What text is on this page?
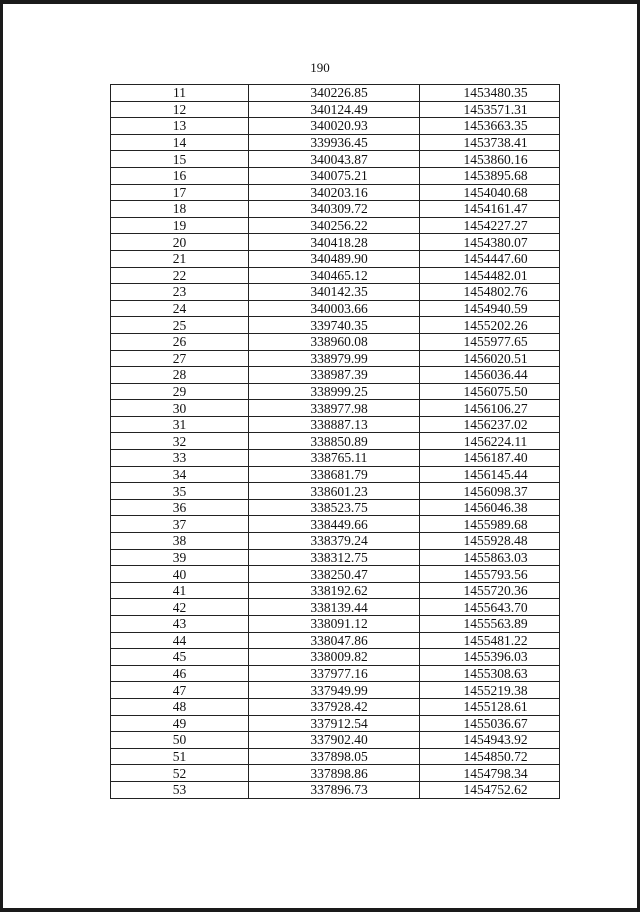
190
11	340226.85	1453480.35
12	340124.49	1453571.31
13	340020.93	1453663.35
14	339936.45	1453738.41
15	340043.87	1453860.16
16	340075.21	1453895.68
17	340203.16	1454040.68
18	340309.72	1454161.47
19	340256.22	1454227.27
20	340418.28	1454380.07
21	340489.90	1454447.60
22	340465.12	1454482.01
23	340142.35	1454802.76
24	340003.66	1454940.59
25	339740.35	1455202.26
26	338960.08	1455977.65
27	338979.99	1456020.51
28	338987.39	1456036.44
29	338999.25	1456075.50
30	338977.98	1456106.27
31	338887.13	1456237.02
32	338850.89	1456224.11
33	338765.11	1456187.40
34	338681.79	1456145.44
35	338601.23	1456098.37
36	338523.75	1456046.38
37	338449.66	1455989.68
38	338379.24	1455928.48
39	338312.75	1455863.03
40	338250.47	1455793.56
41	338192.62	1455720.36
42	338139.44	1455643.70
43	338091.12	1455563.89
44	338047.86	1455481.22
45	338009.82	1455396.03
46	337977.16	1455308.63
47	337949.99	1455219.38
48	337928.42	1455128.61
49	337912.54	1455036.67
50	337902.40	1454943.92
51	337898.05	1454850.72
52	337898.86	1454798.34
53	337896.73	1454752.62
